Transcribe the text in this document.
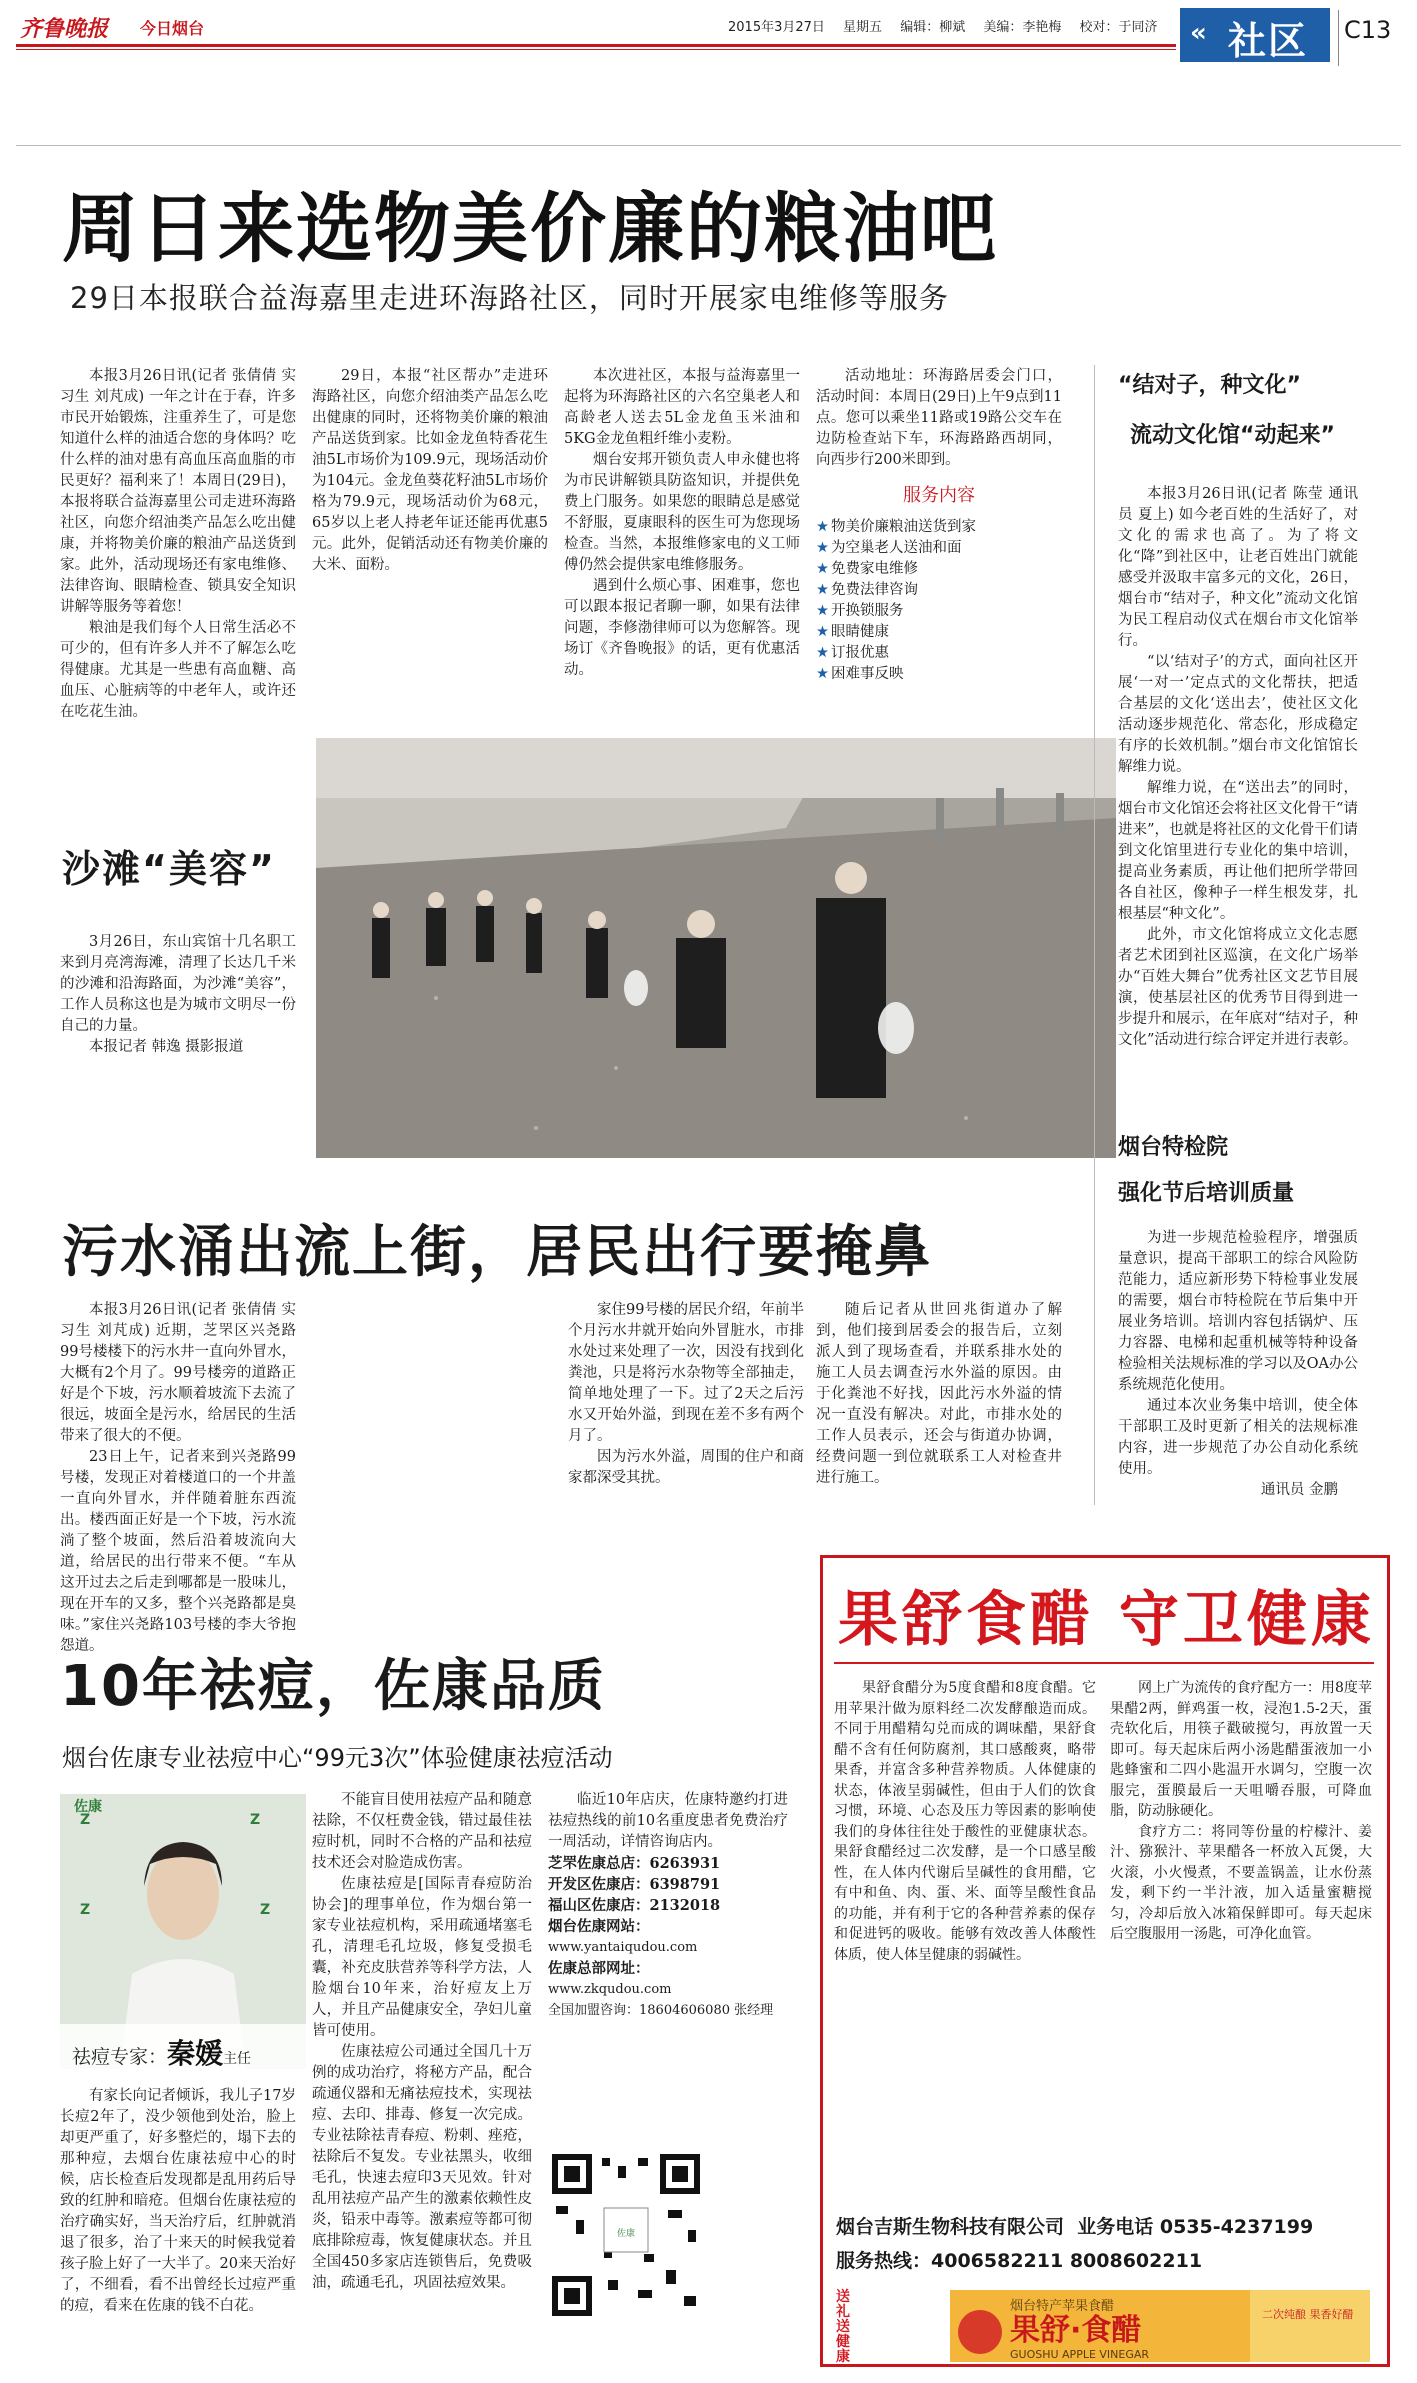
齐鲁晚报 今日烟台	2015年3月27日 星期五 编辑：柳斌 美编：李艳梅 校对：于同济	« 社区 C13
周日来选物美价廉的粮油吧
29日本报联合益海嘉里走进环海路社区，同时开展家电维修等服务

本报3月26日讯(记者 张倩倩 实习生 刘芃成) 一年之计在于春，许多市民开始锻炼，注重养生了，可是您知道什么样的油适合您的身体吗？吃什么样的油对患有高血压高血脂的市民更好？福利来了！本周日(29日)，本报将联合益海嘉里公司走进环海路社区，向您介绍油类产品怎么吃出健康，并将物美价廉的粮油产品送货到家。此外，活动现场还有家电维修、法律咨询、眼睛检查、锁具安全知识讲解等服务等着您！

粮油是我们每个人日常生活必不可少的，但有许多人并不了解怎么吃得健康。尤其是一些患有高血糖、高血压、心脏病等的中老年人，或许还在吃花生油。

29日，本报“社区帮办”走进环海路社区，向您介绍油类产品怎么吃出健康的同时，还将物美价廉的粮油产品送货到家。比如金龙鱼特香花生油5L市场价为109.9元，现场活动价为104元。金龙鱼葵花籽油5L市场价格为79.9元，现场活动价为68元，65岁以上老人持老年证还能再优惠5元。此外，促销活动还有物美价廉的大米、面粉。

本次进社区，本报与益海嘉里一起将为环海路社区的六名空巢老人和高龄老人送去5L金龙鱼玉米油和5KG金龙鱼粗纤维小麦粉。

烟台安邦开锁负责人申永健也将为市民讲解锁具防盗知识，并提供免费上门服务。如果您的眼睛总是感觉不舒服，夏康眼科的医生可为您现场检查。当然，本报维修家电的义工师傅仍然会提供家电维修服务。

遇到什么烦心事、困难事，您也可以跟本报记者聊一聊，如果有法律问题，李修渤律师可以为您解答。现场订《齐鲁晚报》的话，更有优惠活动。

活动地址：环海路居委会门口，活动时间：本周日(29日)上午9点到11点。您可以乘坐11路或19路公交车在边防检查站下车，环海路路西胡同，向西步行200米即到。

服务内容
★ 物美价廉粮油送货到家
★ 为空巢老人送油和面
★ 免费家电维修
★ 免费法律咨询
★ 开换锁服务
★ 眼睛健康
★ 订报优惠
★ 困难事反映
沙滩“美容”

3月26日，东山宾馆十几名职工来到月亮湾海滩，清理了长达几千米的沙滩和沿海路面，为沙滩“美容”，工作人员称这也是为城市文明尽一份自己的力量。

本报记者 韩逸 摄影报道

污水涌出流上街，居民出行要掩鼻

本报3月26日讯(记者 张倩倩 实习生 刘芃成) 近期，芝罘区兴尧路99号楼楼下的污水井一直向外冒水，大概有2个月了。99号楼旁的道路正好是个下坡，污水顺着坡流下去流了很远，坡面全是污水，给居民的生活带来了很大的不便。

23日上午，记者来到兴尧路99号楼，发现正对着楼道口的一个井盖一直向外冒水，并伴随着脏东西流出。楼西面正好是一个下坡，污水流淌了整个坡面，然后沿着坡流向大道，给居民的出行带来不便。“车从这开过去之后走到哪都是一股味儿，现在开车的又多，整个兴尧路都是臭味。”家住兴尧路103号楼的李大爷抱怨道。

家住99号楼的居民介绍，年前半个月污水井就开始向外冒脏水，市排水处过来处理了一次，因没有找到化粪池，只是将污水杂物等全部抽走，简单地处理了一下。过了2天之后污水又开始外溢，到现在差不多有两个月了。

因为污水外溢，周围的住户和商家都深受其扰。

随后记者从世回兆街道办了解到，他们接到居委会的报告后，立刻派人到了现场查看，并联系排水处的施工人员去调查污水外溢的原因。由于化粪池不好找，因此污水外溢的情况一直没有解决。对此，市排水处的工作人员表示，还会与街道办协调，经费问题一到位就联系工人对检查井进行施工。

“结对子，种文化”
流动文化馆“动起来”

本报3月26日讯(记者 陈莹 通讯员 夏上) 如今老百姓的生活好了，对文化的需求也高了。为了将文化“降”到社区中，让老百姓出门就能感受并汲取丰富多元的文化，26日，烟台市“结对子，种文化”流动文化馆为民工程启动仪式在烟台市文化馆举行。

“以‘结对子’的方式，面向社区开展‘一对一’定点式的文化帮扶，把适合基层的文化‘送出去’，使社区文化活动逐步规范化、常态化，形成稳定有序的长效机制。”烟台市文化馆馆长解维力说。

解维力说，在“送出去”的同时，烟台市文化馆还会将社区文化骨干“请进来”，也就是将社区的文化骨干们请到文化馆里进行专业化的集中培训，提高业务素质，再让他们把所学带回各自社区，像种子一样生根发芽，扎根基层“种文化”。

此外，市文化馆将成立文化志愿者艺术团到社区巡演，在文化广场举办“百姓大舞台”优秀社区文艺节目展演，使基层社区的优秀节目得到进一步提升和展示，在年底对“结对子，种文化”活动进行综合评定并进行表彰。

烟台特检院
强化节后培训质量

为进一步规范检验程序，增强质量意识，提高干部职工的综合风险防范能力，适应新形势下特检事业发展的需要，烟台市特检院在节后集中开展业务培训。培训内容包括锅炉、压力容器、电梯和起重机械等特种设备检验相关法规标准的学习以及OA办公系统规范化使用。

通过本次业务集中培训，使全体干部职工及时更新了相关的法规标准内容，进一步规范了办公自动化系统使用。

通讯员 金鹏

10年祛痘，佐康品质
烟台佐康专业祛痘中心“99元3次”体验健康祛痘活动
Z	Z
Z	Z
祛痘专家：秦媛主任
佐康

有家长向记者倾诉，我儿子17岁长痘2年了，没少领他到处治，脸上却更严重了，好多整烂的，塌下去的那种痘，去烟台佐康祛痘中心的时候，店长检查后发现都是乱用药后导致的红肿和暗疮。但烟台佐康祛痘的治疗确实好，当天治疗后，红肿就消退了很多，治了十来天的时候我觉着孩子脸上好了一大半了。20来天治好了，不细看，看不出曾经长过痘严重的痘，看来在佐康的钱不白花。

不能盲目使用祛痘产品和随意祛除，不仅枉费金钱，错过最佳祛痘时机，同时不合格的产品和祛痘技术还会对脸造成伤害。

佐康祛痘是[国际青春痘防治协会]的理事单位，作为烟台第一家专业祛痘机构，采用疏通堵塞毛孔，清理毛孔垃圾，修复受损毛囊，补充皮肤营养等科学方法，人脸烟台10年来，治好痘友上万人，并且产品健康安全，孕妇儿童皆可使用。

佐康祛痘公司通过全国几十万例的成功治疗，将秘方产品，配合疏通仪器和无痛祛痘技术，实现祛痘、去印、排毒、修复一次完成。专业祛除祛青春痘、粉刺、痤疮，祛除后不复发。专业祛黑头，收细毛孔，快速去痘印3天见效。针对乱用祛痘产品产生的激素依赖性皮炎，铅汞中毒等。激素痘等都可彻底排除痘毒，恢复健康状态。并且全国450多家店连锁售后，免费吸油，疏通毛孔，巩固祛痘效果。

临近10年店庆，佐康特邀约打进祛痘热线的前10名重度患者免费治疗一周活动，详情咨询店内。

芝罘佐康总店：6263931

开发区佐康店：6398791

福山区佐康店：2132018

烟台佐康网站：

www.yantaiqudou.com

佐康总部网址：

www.zkqudou.com

全国加盟咨询：18604606080 张经理

佐康
果舒食醋 守卫健康

果舒食醋分为5度食醋和8度食醋。它用苹果汁做为原料经二次发酵酿造而成。不同于用醋精勾兑而成的调味醋，果舒食醋不含有任何防腐剂，其口感酸爽，略带果香，并富含多种营养物质。人体健康的状态，体液呈弱碱性，但由于人们的饮食习惯，环境、心态及压力等因素的影响使我们的身体往往处于酸性的亚健康状态。果舒食醋经过二次发酵，是一个口感呈酸性，在人体内代谢后呈碱性的食用醋，它有中和鱼、肉、蛋、米、面等呈酸性食品的功能，并有利于它的各种营养素的保存和促进钙的吸收。能够有效改善人体酸性体质，使人体呈健康的弱碱性。

网上广为流传的食疗配方一：用8度苹果醋2两，鲜鸡蛋一枚，浸泡1.5-2天，蛋壳软化后，用筷子戳破搅匀，再放置一天即可。每天起床后两小汤匙醋蛋液加一小匙蜂蜜和二四小匙温开水调匀，空腹一次服完，蛋膜最后一天咀嚼吞服，可降血脂，防动脉硬化。

食疗方二：将同等份量的柠檬汁、姜汁、猕猴汁、苹果醋各一杯放入瓦煲，大火滚，小火慢煮，不要盖锅盖，让水份蒸发，剩下约一半汁液，加入适量蜜糖搅匀，冷却后放入冰箱保鲜即可。每天起床后空腹服用一汤匙，可净化血管。

烟台吉斯生物科技有限公司 业务电话 0535-4237199
服务热线：4006582211 8008602211
送
礼
送
健
康
烟台特产苹果食醋
果舒·食醋
GUOSHU APPLE VINEGAR
二次纯酿 果香好醋
